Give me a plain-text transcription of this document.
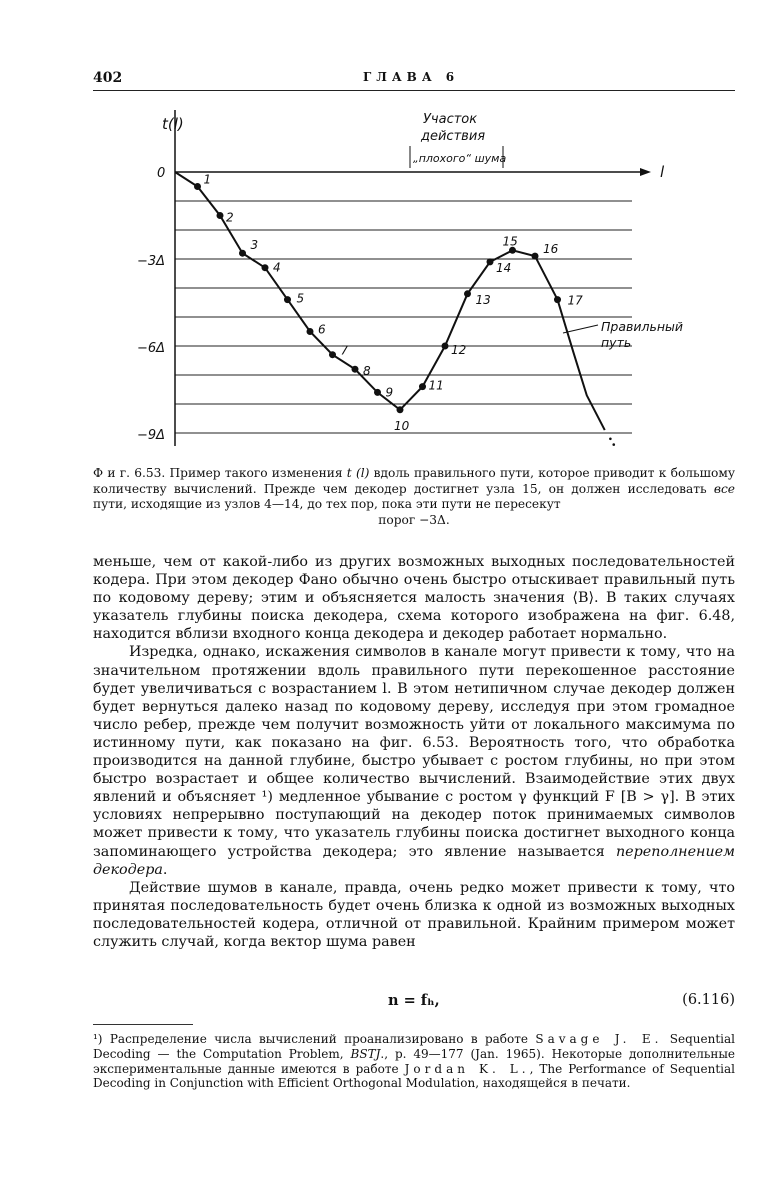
402	ГЛАВА 6
t(l)
l
0
−3Δ
−6Δ
−9Δ
Участок
действия
„плохого“ шума
1
2
3
4
5
6
7
8
9
10
11
12
13
14
15
16
17
Правильный
путь
Ф и г. 6.53. Пример такого изменения t (l) вдоль правильного пути, которое приводит к большому количеству вычислений. Прежде чем декодер достигнет узла 15, он должен исследовать все пути, исходящие из узлов 4—14, до тех пор, пока эти пути не пересекут
порог −3Δ.

меньше, чем от какой-либо из других возможных выходных последовательностей кодера. При этом декодер Фано обычно очень быстро отыскивает правильный путь по кодовому дереву; этим и объясняется малость значения ⟨B⟩. В таких случаях указатель глубины поиска декодера, схема которого изображена на фиг. 6.48, находится вблизи входного конца декодера и декодер работает нормально.

Изредка, однако, искажения символов в канале могут привести к тому, что на значительном протяжении вдоль правильного пути перекошенное расстояние будет увеличиваться с возрастанием l. В этом нетипичном случае декодер должен будет вернуться далеко назад по кодовому дереву, исследуя при этом громадное число ребер, прежде чем получит возможность уйти от локального максимума по истинному пути, как показано на фиг. 6.53. Вероятность того, что обработка производится на данной глубине, быстро убывает с ростом глубины, но при этом быстро возрастает и общее количество вычислений. Взаимодействие этих двух явлений и объясняет ¹) медленное убывание с ростом γ функций F [B > γ]. В этих условиях непрерывно поступающий на декодер поток принимаемых символов может привести к тому, что указатель глубины поиска достигнет выходного конца запоминающего устройства декодера; это явление называется переполнением декодера.

Действие шумов в канале, правда, очень редко может привести к тому, что принятая последовательность будет очень близка к одной из возможных выходных последовательностей кодера, отличной от правильной. Крайним примером может служить случай, когда вектор шума равен

n = fₕ,	(6.116)
¹) Распределение числа вычислений проанализировано в работе Savage J. E. Sequential Decoding — the Computation Problem, BSTJ., p. 49—177 (Jan. 1965). Некоторые дополнительные экспериментальные данные имеются в работе Jordan K. L., The Performance of Sequential Decoding in Conjunction with Efficient Orthogonal Modulation, находящейся в печати.
